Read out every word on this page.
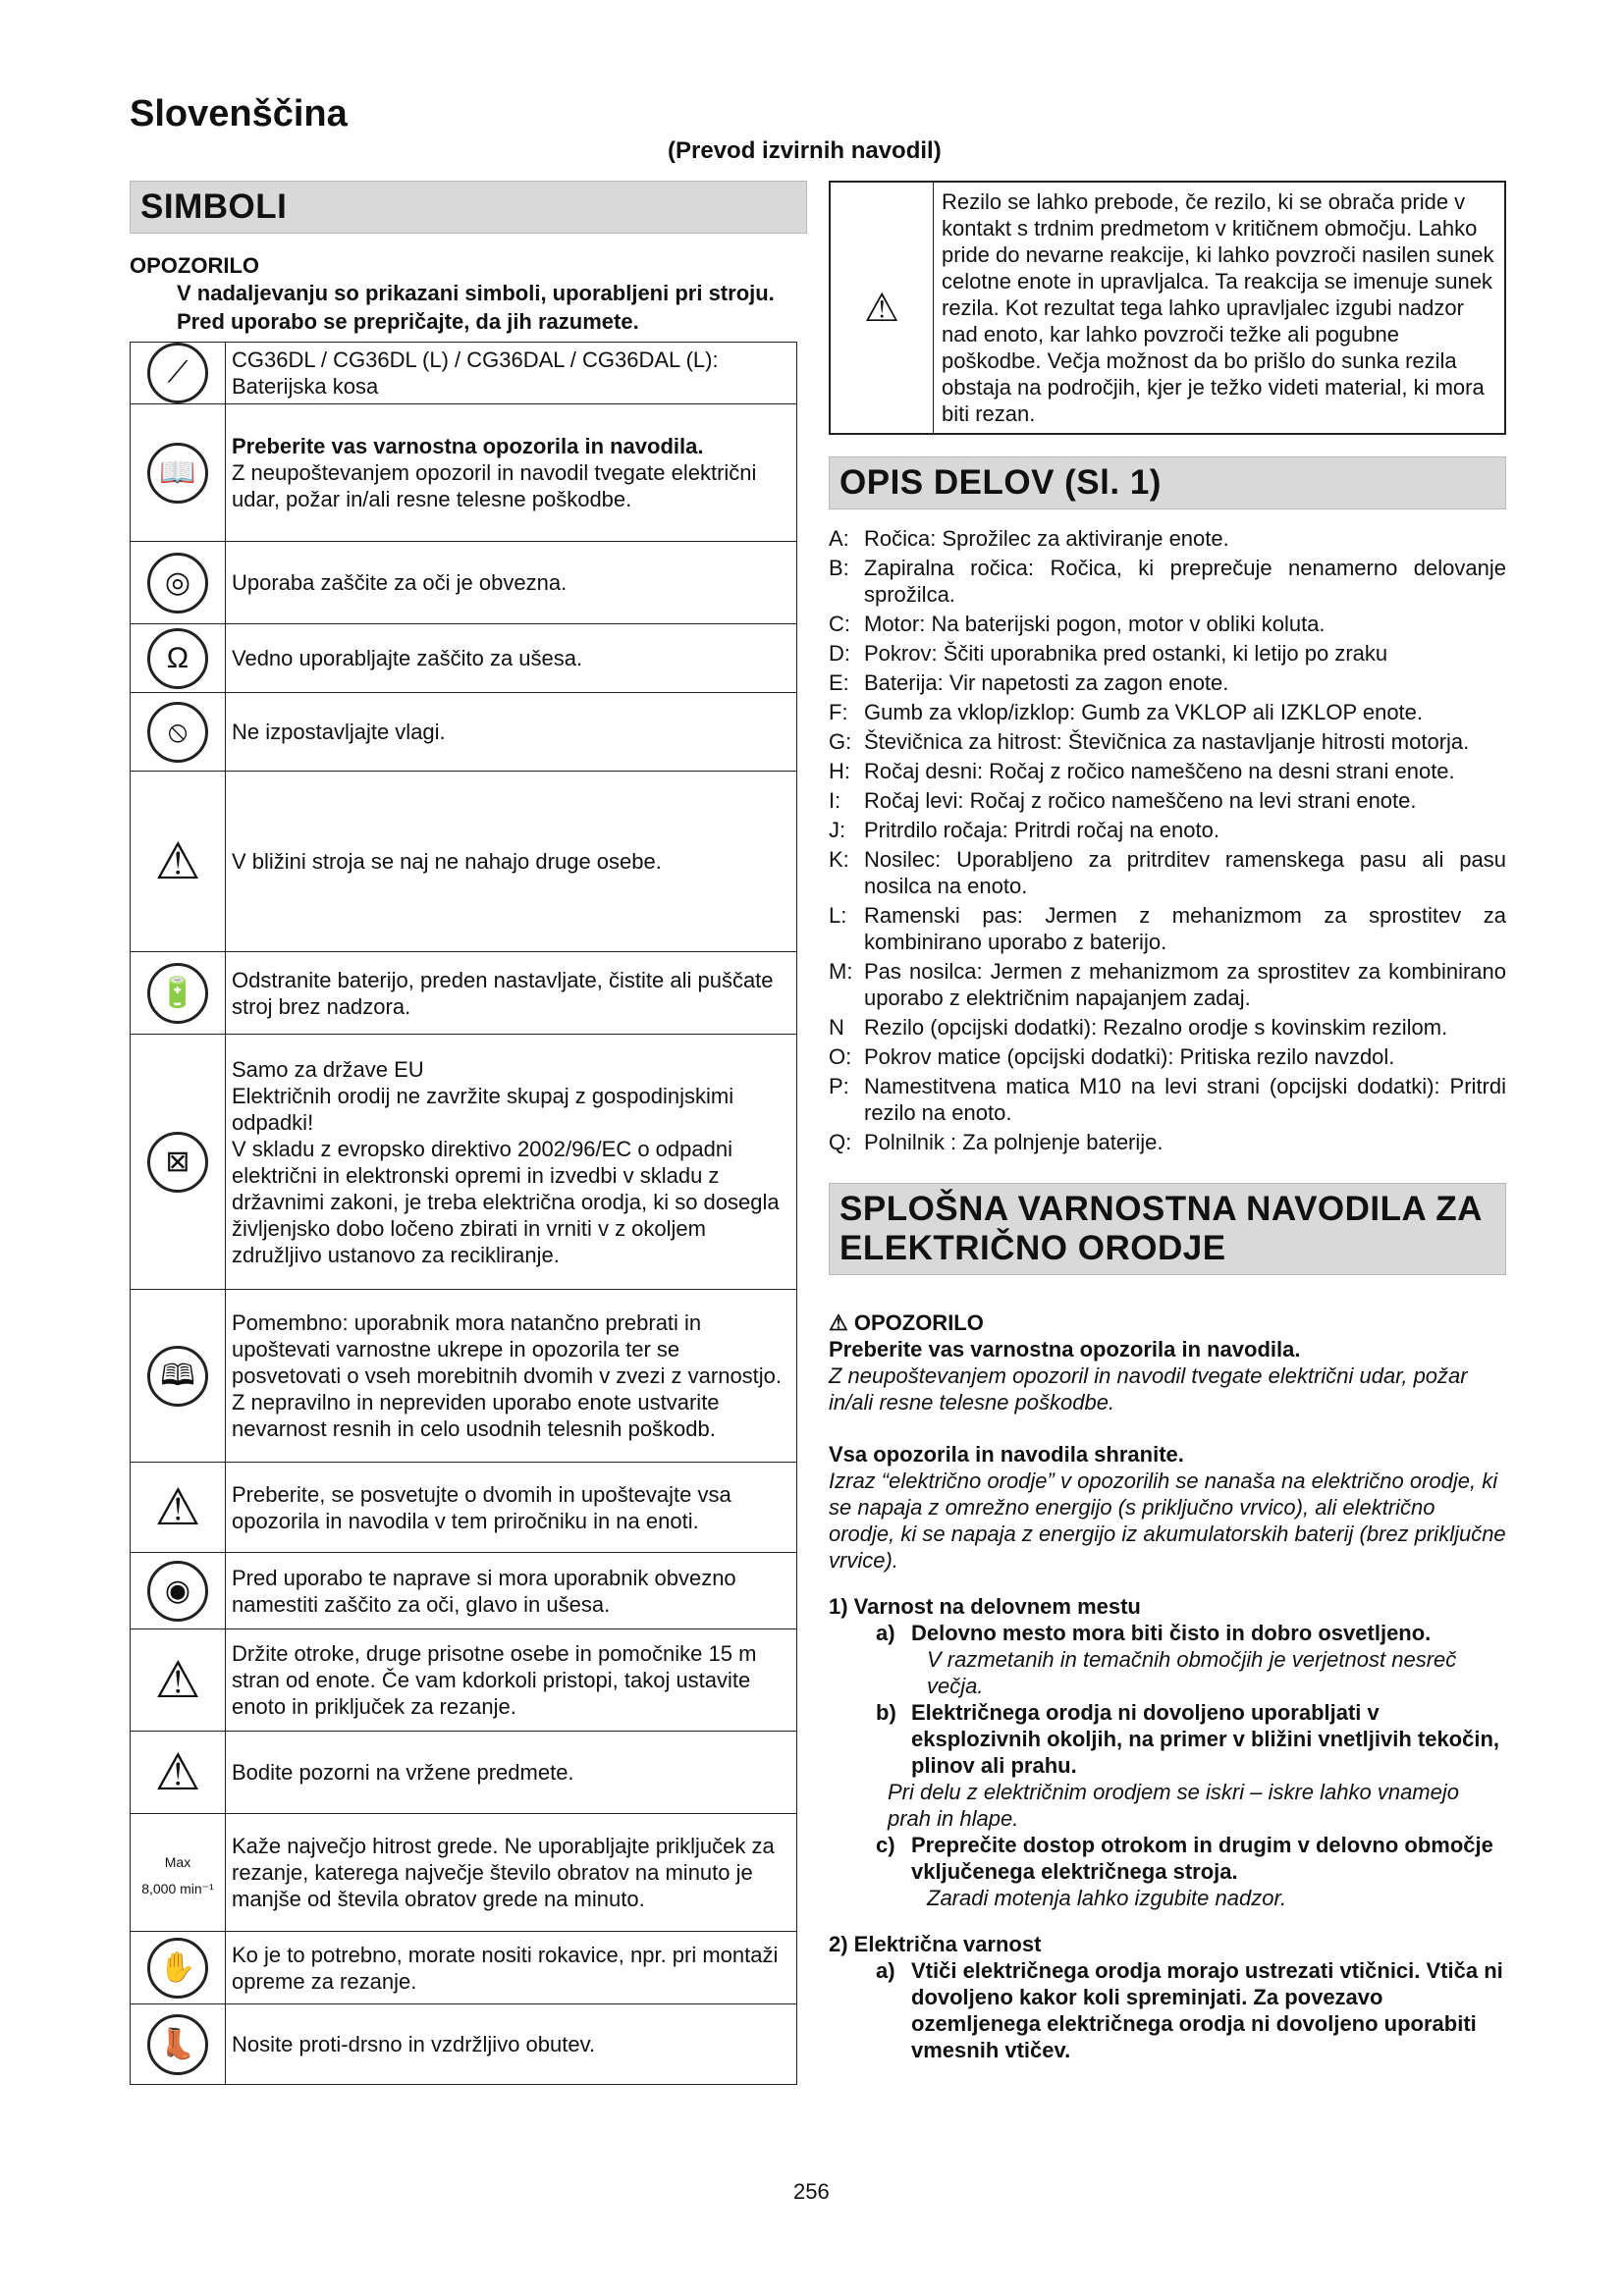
Slovenščina
(Prevod izvirnih navodil)
SIMBOLI
OPOZORILO
V nadaljevanju so prikazani simboli, uporabljeni pri stroju. Pred uporabo se prepričajte, da jih razumete.
⟋	CG36DL / CG36DL (L) / CG36DAL / CG36DAL (L):
Baterijska kosa

📖	Preberite vas varnostna opozorila in navodila.
Z neupoštevanjem opozoril in navodil tvegate električni udar, požar in/ali resne telesne poškodbe.

◎	Uporaba zaščite za oči je obvezna.

Ω	Vedno uporabljajte zaščito za ušesa.

⦸	Ne izpostavljajte vlagi.

⚠	V bližini stroja se naj ne nahajo druge osebe.

🔋	Odstranite baterijo, preden nastavljate, čistite ali puščate stroj brez nadzora.

⊠	Samo za države EU
Električnih orodij ne zavržite skupaj z gospodinjskimi odpadki!
V skladu z evropsko direktivo 2002/96/EC o odpadni električni in elektronski opremi in izvedbi v skladu z državnimi zakoni, je treba električna orodja, ki so dosegla življenjsko dobo ločeno zbirati in vrniti v z okoljem združljivo ustanovo za recikliranje.

🕮	Pomembno: uporabnik mora natančno prebrati in upoštevati varnostne ukrepe in opozorila ter se posvetovati o vseh morebitnih dvomih v zvezi z varnostjo. Z nepravilno in nepreviden uporabo enote ustvarite nevarnost resnih in celo usodnih telesnih poškodb.

⚠	Preberite, se posvetujte o dvomih in upoštevajte vsa opozorila in navodila v tem priročniku in na enoti.

◉	Pred uporabo te naprave si mora uporabnik obvezno namestiti zaščito za oči, glavo in ušesa.

⚠	Držite otroke, druge prisotne osebe in pomočnike 15 m stran od enote. Če vam kdorkoli pristopi, takoj ustavite enoto in priključek za rezanje.

⚠	Bodite pozorni na vržene predmete.

Max
8,000 min⁻¹	Kaže največjo hitrost grede. Ne uporabljajte priključek za rezanje, katerega največje število obratov na minuto je manjše od števila obratov grede na minuto.

✋	Ko je to potrebno, morate nositi rokavice, npr. pri montaži opreme za rezanje.

👢	Nosite proti-drsno in vzdržljivo obutev.
⚠
Rezilo se lahko prebode, če rezilo, ki se obrača pride v kontakt s trdnim predmetom v kritičnem območju. Lahko pride do nevarne reakcije, ki lahko povzroči nasilen sunek celotne enote in upravljalca. Ta reakcija se imenuje sunek rezila. Kot rezultat tega lahko upravljalec izgubi nadzor nad enoto, kar lahko povzroči težke ali pogubne poškodbe. Večja možnost da bo prišlo do sunka rezila obstaja na področjih, kjer je težko videti material, ki mora biti rezan.
OPIS DELOV (Sl. 1)
A: Ročica: Sprožilec za aktiviranje enote.
B: Zapiralna ročica: Ročica, ki preprečuje nenamerno delovanje sprožilca.
C: Motor: Na baterijski pogon, motor v obliki koluta.
D: Pokrov: Ščiti uporabnika pred ostanki, ki letijo po zraku
E: Baterija: Vir napetosti za zagon enote.
F: Gumb za vklop/izklop: Gumb za VKLOP ali IZKLOP enote.
G: Števičnica za hitrost: Števičnica za nastavljanje hitrosti motorja.
H: Ročaj desni: Ročaj z ročico nameščeno na desni strani enote.
I:	Ročaj levi: Ročaj z ročico nameščeno na levi strani enote.
J: Pritrdilo ročaja: Pritrdi ročaj na enoto.
K: Nosilec: Uporabljeno za pritrditev ramenskega pasu ali pasu nosilca na enoto.
L: Ramenski pas: Jermen z mehanizmom za sprostitev za kombinirano uporabo z baterijo.
M: Pas nosilca: Jermen z mehanizmom za sprostitev za kombinirano uporabo z električnim napajanjem zadaj.
N Rezilo (opcijski dodatki): Rezalno orodje s kovinskim rezilom.
O: Pokrov matice (opcijski dodatki): Pritiska rezilo navzdol.
P: Namestitvena matica M10 na levi strani (opcijski dodatki): Pritrdi rezilo na enoto.
Q: Polnilnik : Za polnjenje baterije.
SPLOŠNA VARNOSTNA NAVODILA ZA ELEKTRIČNO ORODJE
⚠ OPOZORILO
Preberite vas varnostna opozorila in navodila.
Z neupoštevanjem opozoril in navodil tvegate električni udar, požar in/ali resne telesne poškodbe.
Vsa opozorila in navodila shranite.
Izraz “električno orodje” v opozorilih se nanaša na električno orodje, ki se napaja z omrežno energijo (s priključno vrvico), ali električno orodje, ki se napaja z energijo iz akumulatorskih baterij (brez priključne vrvice).
1) Varnost na delovnem mestu
a) Delovno mesto mora biti čisto in dobro osvetljeno.
V razmetanih in temačnih območjih je verjetnost nesreč večja.
b) Električnega orodja ni dovoljeno uporabljati v eksplozivnih okoljih, na primer v bližini vnetljivih tekočin, plinov ali prahu.
Pri delu z električnim orodjem se iskri – iskre lahko vnamejo prah in hlape.
c) Preprečite dostop otrokom in drugim v delovno območje vključenega električnega stroja.
Zaradi motenja lahko izgubite nadzor.
2) Električna varnost
a) Vtiči električnega orodja morajo ustrezati vtičnici. Vtiča ni dovoljeno kakor koli spreminjati. Za povezavo ozemljenega električnega orodja ni dovoljeno uporabiti vmesnih vtičev.
256
